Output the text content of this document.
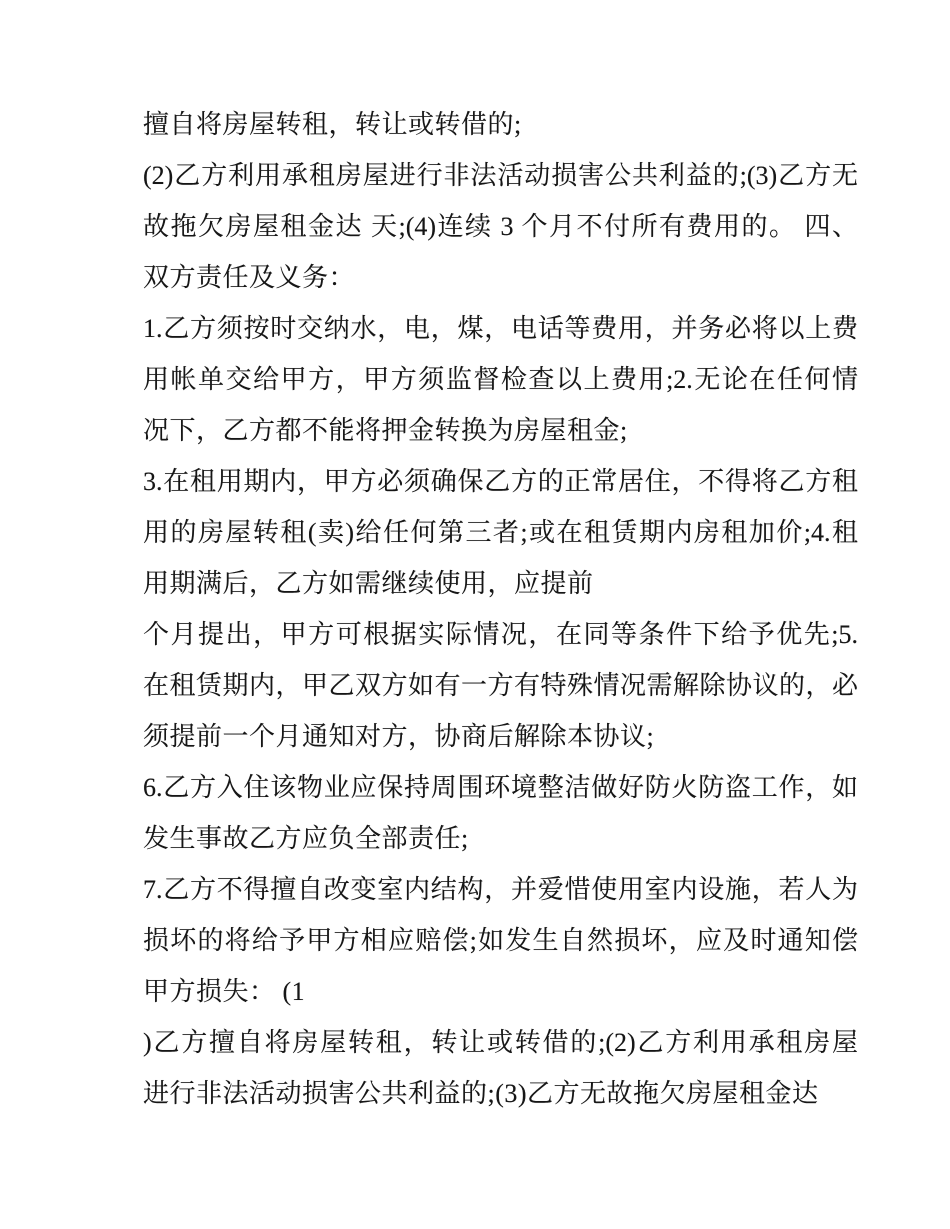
擅自将房屋转租，转让或转借的;
(2)乙方利用承租房屋进行非法活动损害公共利益的;(3)乙方无
故拖欠房屋租金达 天;(4)连续 3 个月不付所有费用的。 四、
双方责任及义务：
1.乙方须按时交纳水，电，煤，电话等费用，并务必将以上费
用帐单交给甲方，甲方须监督检查以上费用;2.无论在任何情
况下，乙方都不能将押金转换为房屋租金;
3.在租用期内，甲方必须确保乙方的正常居住，不得将乙方租
用的房屋转租(卖)给任何第三者;或在租赁期内房租加价;4.租
用期满后，乙方如需继续使用，应提前
个月提出，甲方可根据实际情况，在同等条件下给予优先;5.
在租赁期内，甲乙双方如有一方有特殊情况需解除协议的，必
须提前一个月通知对方，协商后解除本协议;
6.乙方入住该物业应保持周围环境整洁做好防火防盗工作，如
发生事故乙方应负全部责任;
7.乙方不得擅自改变室内结构，并爱惜使用室内设施，若人为
损坏的将给予甲方相应赔偿;如发生自然损坏，应及时通知偿
甲方损失： (1
)乙方擅自将房屋转租，转让或转借的;(2)乙方利用承租房屋
进行非法活动损害公共利益的;(3)乙方无故拖欠房屋租金达
